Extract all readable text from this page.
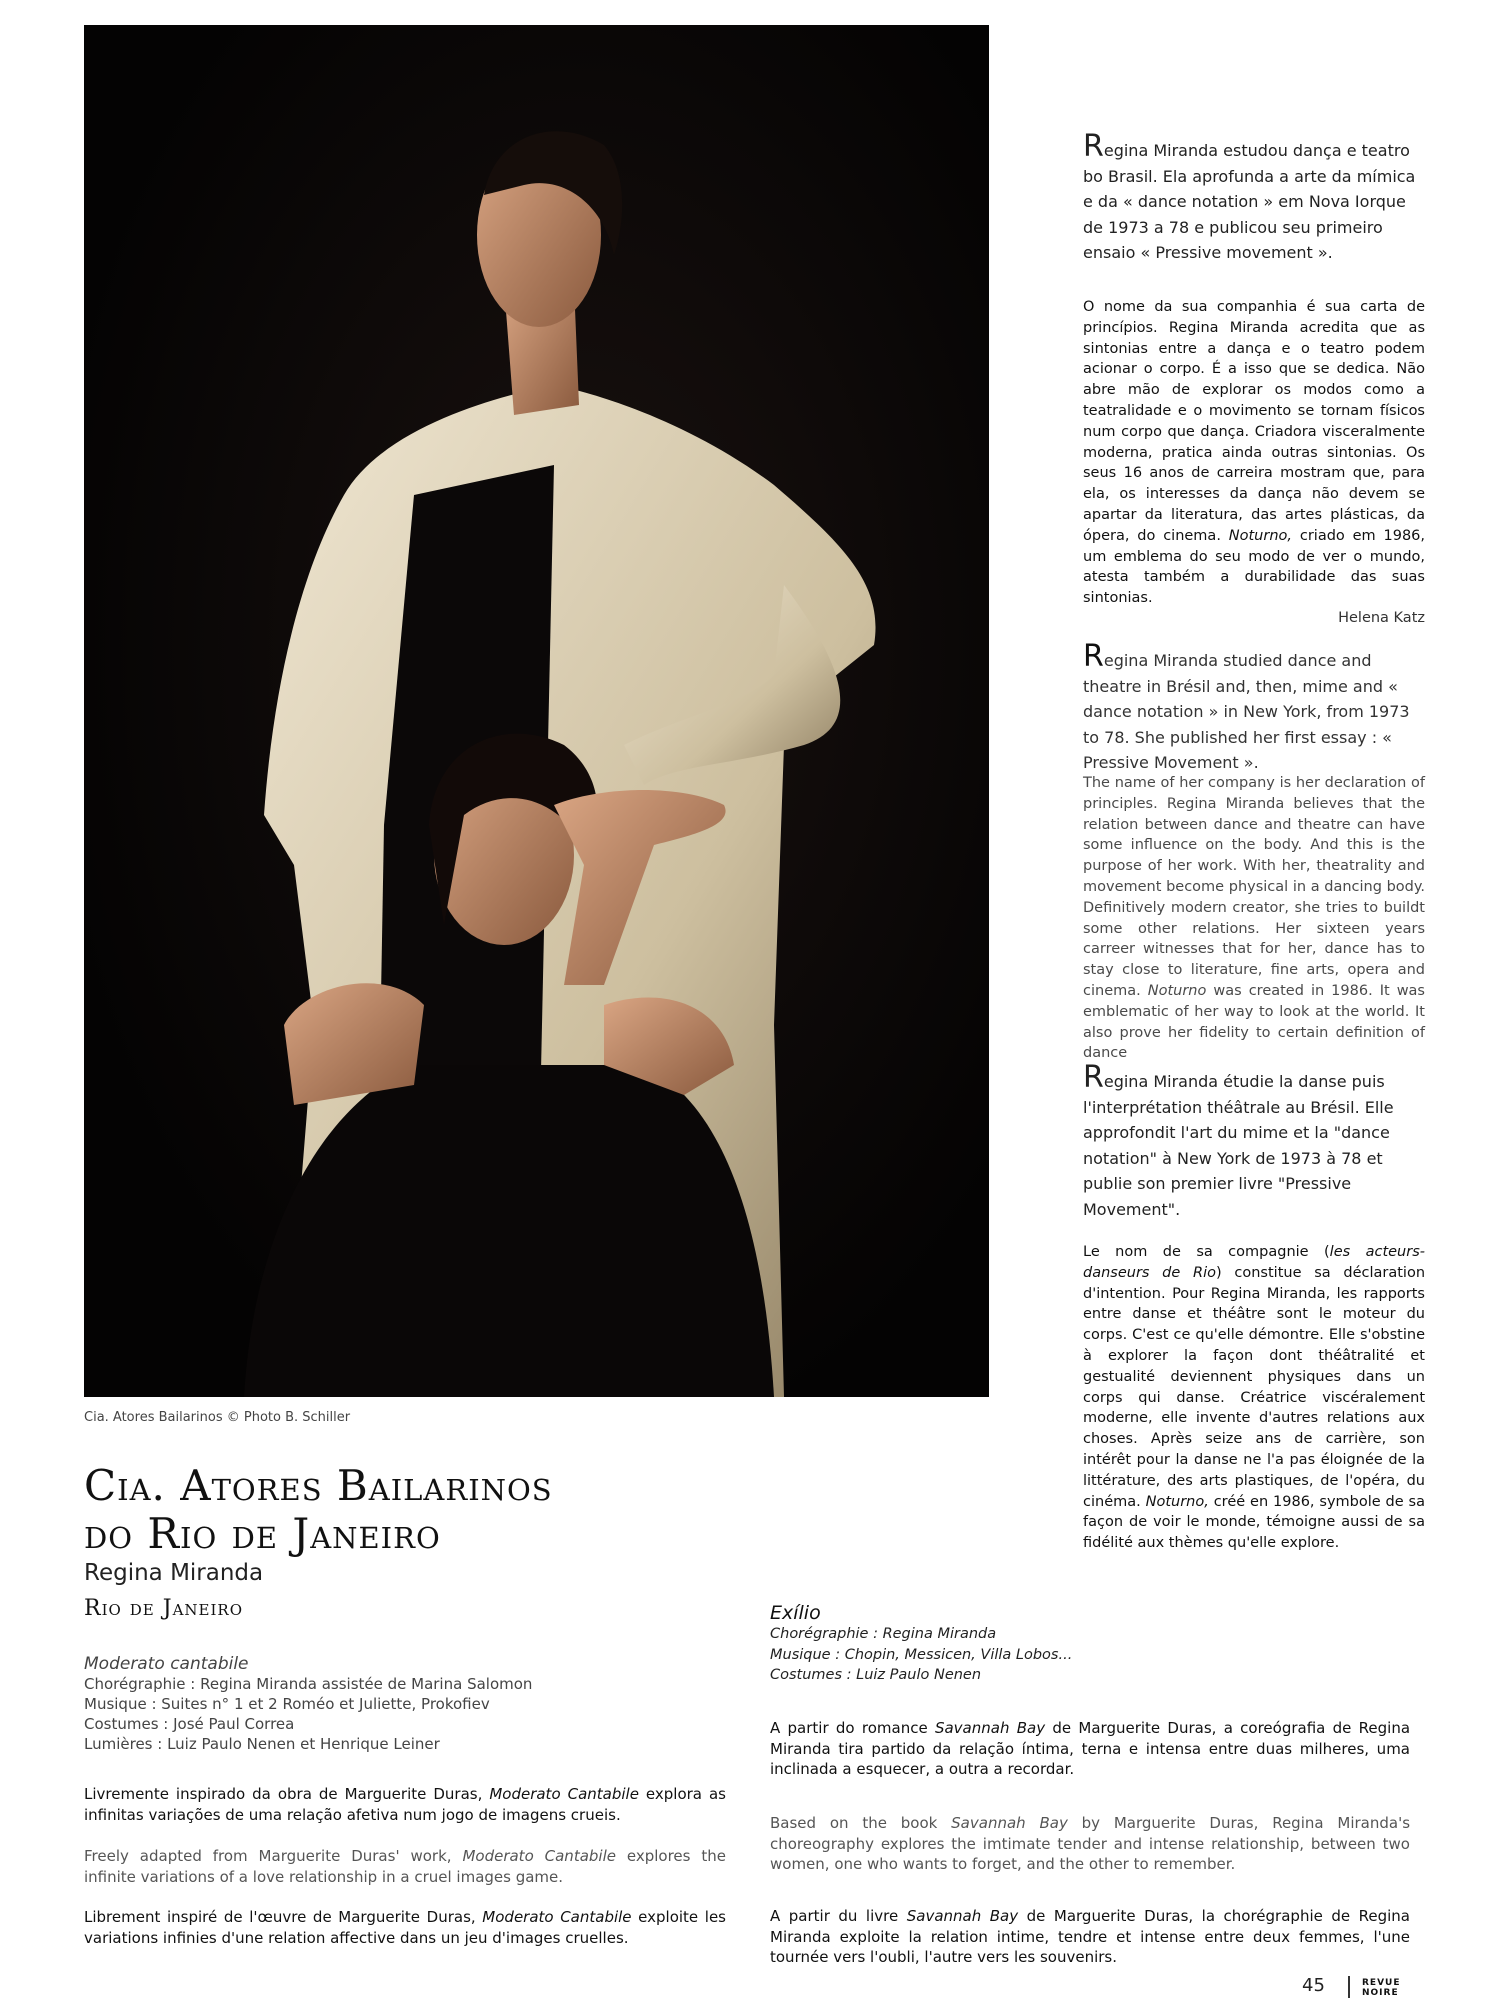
Cia. Atores Bailarinos © Photo B. Schiller
Regina Miranda estudou dança e teatro bo Brasil. Ela aprofunda a arte da mímica e da « dance notation » em Nova Iorque de 1973 a 78 e publicou seu primeiro ensaio « Pressive movement ».
O nome da sua companhia é sua carta de princípios. Regina Miranda acredita que as sintonias entre a dança e o teatro podem acionar o corpo. É a isso que se dedica. Não abre mão de explorar os modos como a teatralidade e o movimento se tornam físicos num corpo que dança. Criadora visceralmente moderna, pratica ainda outras sintonias. Os seus 16 anos de carreira mostram que, para ela, os interesses da dança não devem se apartar da literatura, das artes plásticas, da ópera, do cinema. Noturno, criado em 1986, um emblema do seu modo de ver o mundo, atesta também a durabilidade das suas sintonias.
Helena Katz
Regina Miranda studied dance and theatre in Brésil and, then, mime and « dance notation » in New York, from 1973 to 78. She published her first essay : « Pressive Movement ».
The name of her company is her declaration of principles. Regina Miranda believes that the relation between dance and theatre can have some influence on the body. And this is the purpose of her work. With her, theatrality and movement become physical in a dancing body. Definitively modern creator, she tries to buildt some other relations. Her sixteen years carreer witnesses that for her, dance has to stay close to literature, fine arts, opera and cinema. Noturno was created in 1986. It was emblematic of her way to look at the world. It also prove her fidelity to certain definition of dance
Regina Miranda étudie la danse puis l'interprétation théâtrale au Brésil. Elle approfondit l'art du mime et la "dance notation" à New York de 1973 à 78 et publie son premier livre "Pressive Movement".
Le nom de sa compagnie (les acteurs-danseurs de Rio) constitue sa déclaration d'intention. Pour Regina Miranda, les rapports entre danse et théâtre sont le moteur du corps. C'est ce qu'elle démontre. Elle s'obstine à explorer la façon dont théâtralité et gestualité deviennent physiques dans un corps qui danse. Créatrice viscéralement moderne, elle invente d'autres relations aux choses. Après seize ans de carrière, son intérêt pour la danse ne l'a pas éloignée de la littérature, des arts plastiques, de l'opéra, du cinéma. Noturno, créé en 1986, symbole de sa façon de voir le monde, témoigne aussi de sa fidélité aux thèmes qu'elle explore.
Cia. Atores Bailarinos
do Rio de Janeiro
Regina Miranda
Rio de Janeiro
Moderato cantabile
Chorégraphie : Regina Miranda assistée de Marina Salomon
Musique : Suites n° 1 et 2 Roméo et Juliette, Prokofiev
Costumes : José Paul Correa
Lumières : Luiz Paulo Nenen et Henrique Leiner
Livremente inspirado da obra de Marguerite Duras, Moderato Cantabile explora as infinitas variações de uma relação afetiva num jogo de imagens crueis.
Freely adapted from Marguerite Duras' work, Moderato Cantabile explores the infinite variations of a love relationship in a cruel images game.
Librement inspiré de l'œuvre de Marguerite Duras, Moderato Cantabile exploite les variations infinies d'une relation affective dans un jeu d'images cruelles.
Exílio
Chorégraphie : Regina Miranda
Musique : Chopin, Messicen, Villa Lobos...
Costumes : Luiz Paulo Nenen
A partir do romance Savannah Bay de Marguerite Duras, a coreógrafia de Regina Miranda tira partido da relação íntima, terna e intensa entre duas milheres, uma inclinada a esquecer, a outra a recordar.
Based on the book Savannah Bay by Marguerite Duras, Regina Miranda's choreography explores the imtimate tender and intense relationship, between two women, one who wants to forget, and the other to remember.
A partir du livre Savannah Bay de Marguerite Duras, la chorégraphie de Regina Miranda exploite la relation intime, tendre et intense entre deux femmes, l'une tournée vers l'oubli, l'autre vers les souvenirs.
45	REVUE
NOIRE
